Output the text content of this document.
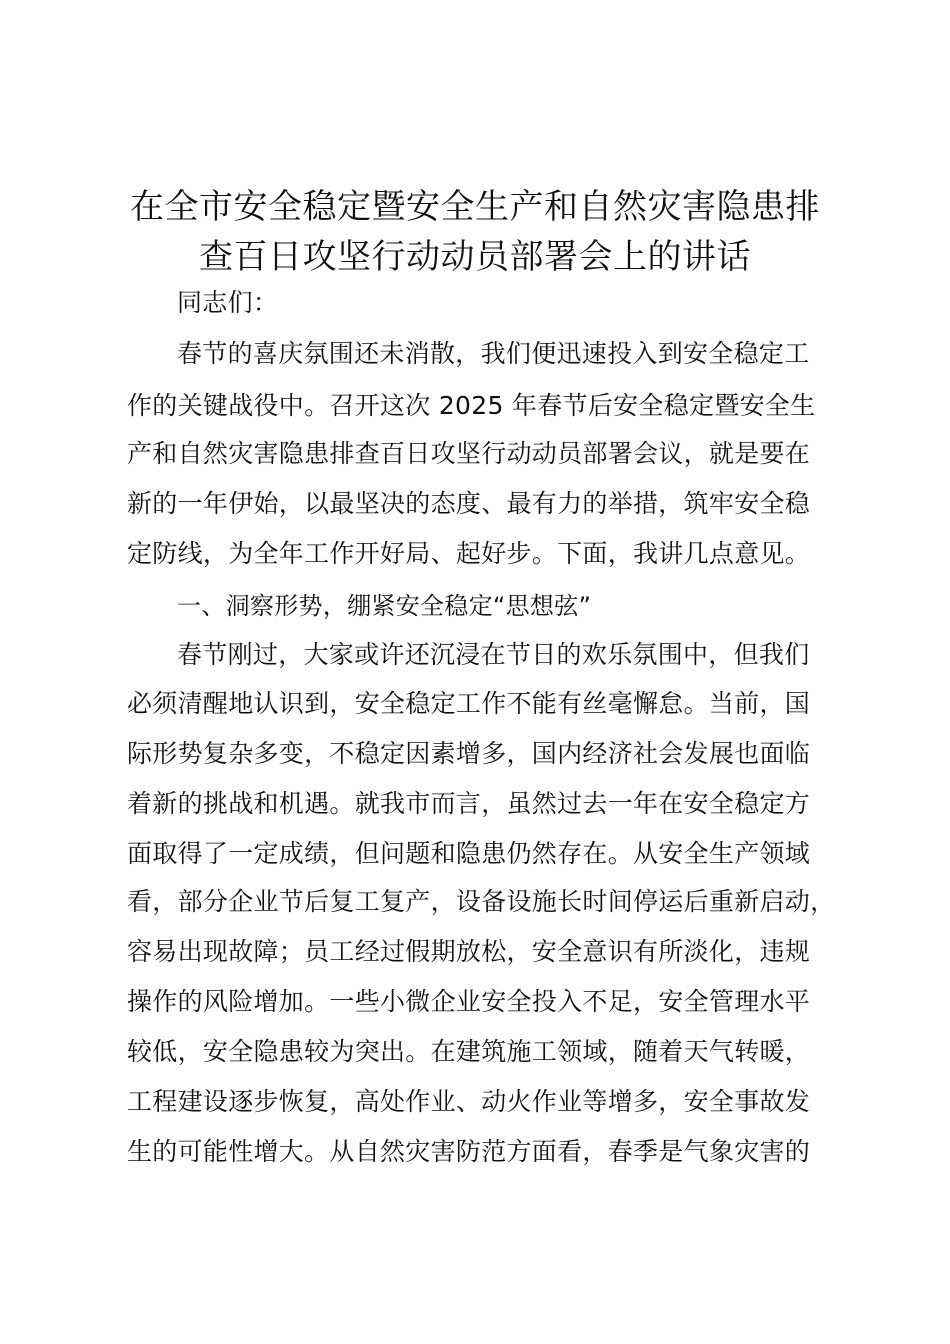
在全市安全稳定暨安全生产和自然灾害隐患排
查百日攻坚行动动员部署会上的讲话
同志们：
春节的喜庆氛围还未消散，我们便迅速投入到安全稳定工
作的关键战役中。召开这次 2025 年春节后安全稳定暨安全生
产和自然灾害隐患排查百日攻坚行动动员部署会议，就是要在
新的一年伊始，以最坚决的态度、最有力的举措，筑牢安全稳
定防线，为全年工作开好局、起好步。下面，我讲几点意见。
一、洞察形势，绷紧安全稳定“思想弦”
春节刚过，大家或许还沉浸在节日的欢乐氛围中，但我们
必须清醒地认识到，安全稳定工作不能有丝毫懈怠。当前，国
际形势复杂多变，不稳定因素增多，国内经济社会发展也面临
着新的挑战和机遇。就我市而言，虽然过去一年在安全稳定方
面取得了一定成绩，但问题和隐患仍然存在。从安全生产领域
看，部分企业节后复工复产，设备设施长时间停运后重新启动，
容易出现故障；员工经过假期放松，安全意识有所淡化，违规
操作的风险增加。一些小微企业安全投入不足，安全管理水平
较低，安全隐患较为突出。在建筑施工领域，随着天气转暖，
工程建设逐步恢复，高处作业、动火作业等增多，安全事故发
生的可能性增大。从自然灾害防范方面看，春季是气象灾害的
